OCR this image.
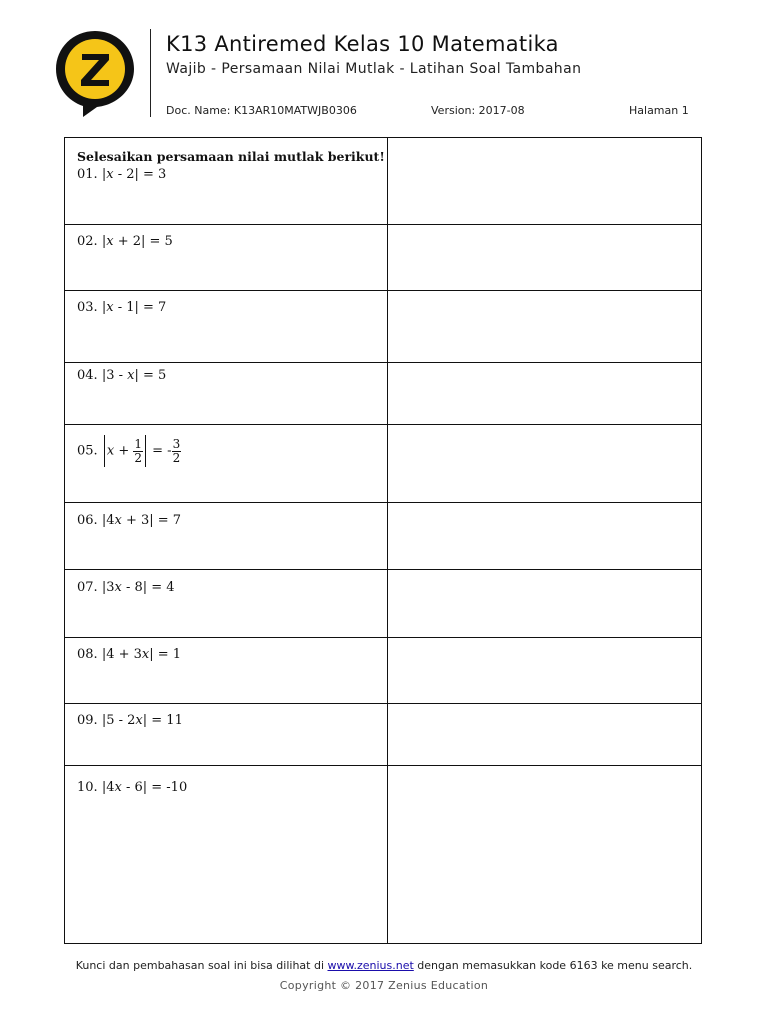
K13 Antiremed Kelas 10 Matematika
Wajib - Persamaan Nilai Mutlak - Latihan Soal Tambahan
Doc. Name: K13AR10MATWJB0306	Version: 2017-08	Halaman 1
Selesaikan persamaan nilai mutlak berikut!
01. |x - 2| = 3
02. |x + 2| = 5
03. |x - 1| = 7
04. |3 - x| = 5
05. $x + \frac{1}{2}$ = - $\frac{3}{2}$
06. |4x + 3| = 7
07. |3x - 8| = 4
08. |4 + 3x| = 1
09. |5 - 2x| = 11
10. |4x - 6| = -10
Kunci dan pembahasan soal ini bisa dilihat di www.zenius.net dengan memasukkan kode 6163 ke menu search.
Copyright © 2017 Zenius Education
